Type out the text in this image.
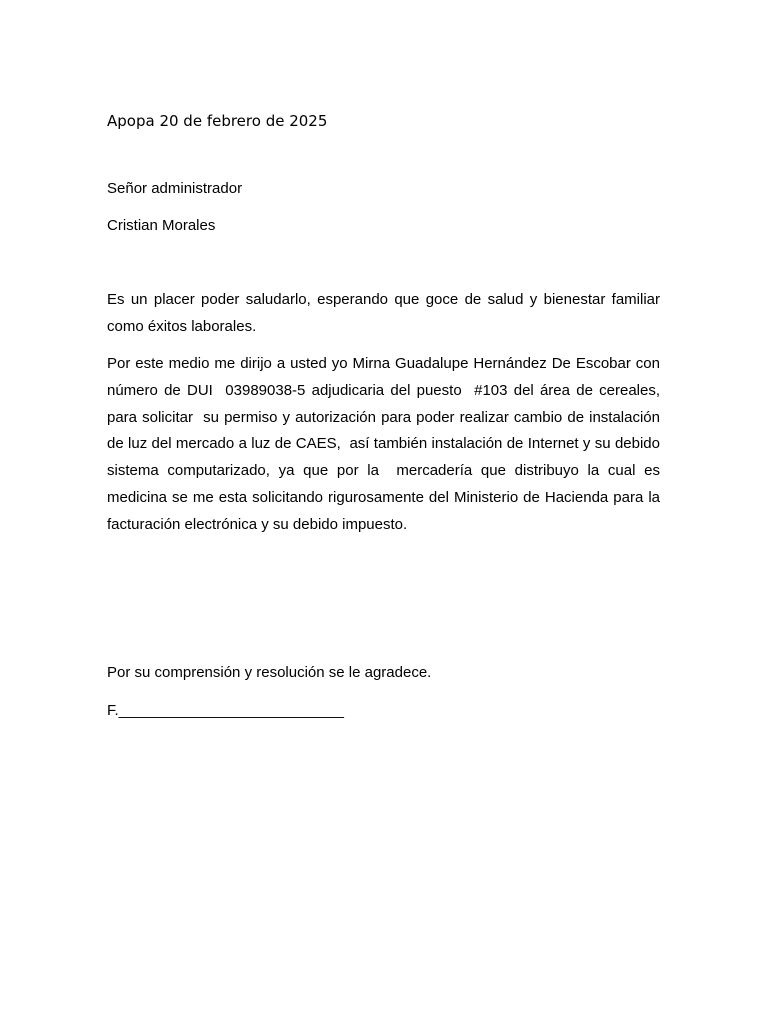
Apopa 20 de febrero de 2025
Señor administrador
Cristian Morales
Es un placer poder saludarlo, esperando que goce de salud y bienestar familiar como éxitos laborales.
Por este medio me dirijo a usted yo Mirna Guadalupe Hernández De Escobar con número de DUI  03989038-5 adjudicaria del puesto  #103 del área de cereales, para solicitar  su permiso y autorización para poder realizar cambio de instalación de luz del mercado a luz de CAES,  así también instalación de Internet y su debido sistema computarizado, ya que por la  mercadería que distribuyo la cual es medicina se me esta solicitando rigurosamente del Ministerio de Hacienda para la facturación electrónica y su debido impuesto.
Por su comprensión y resolución se le agradece.
F.___________________________
